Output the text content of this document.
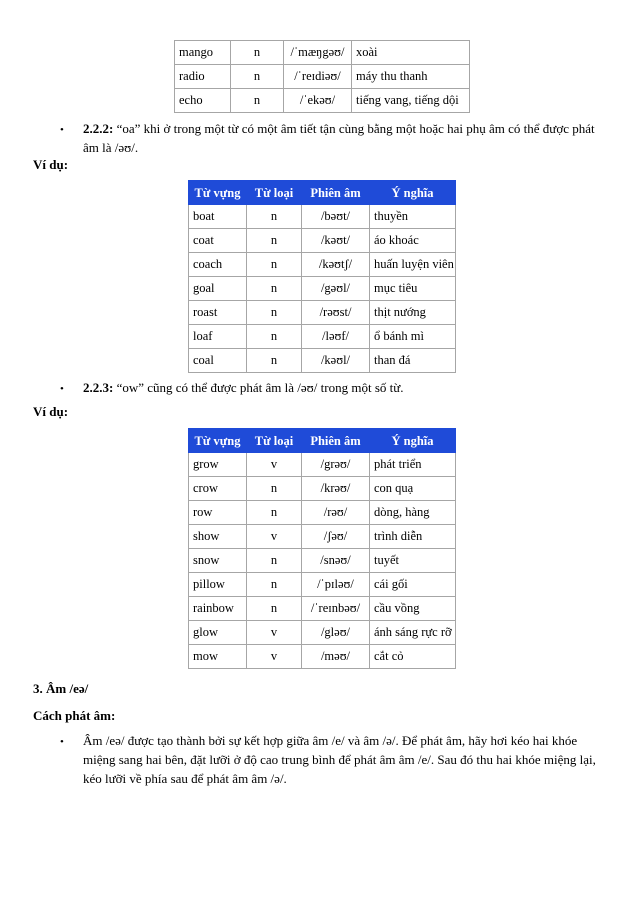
mango	n	/ˈmæŋgəʊ/	xoài
radio	n	/ˈreɪdiəʊ/	máy thu thanh
echo	n	/ˈekəʊ/	tiếng vang, tiếng dội
• 2.2.2: “oa” khi ở trong một từ có một âm tiết tận cùng bằng một hoặc hai phụ âm có thể được phát âm là /əʊ/.
Ví dụ:
Từ vựng	Từ loại	Phiên âm	Ý nghĩa
boat	n	/bəʊt/	thuyền
coat	n	/kəʊt/	áo khoác
coach	n	/kəʊtʃ/	huấn luyện viên
goal	n	/gəʊl/	mục tiêu
roast	n	/rəʊst/	thịt nướng
loaf	n	/ləʊf/	ổ bánh mì
coal	n	/kəʊl/	than đá
• 2.2.3: “ow” cũng có thể được phát âm là /əʊ/ trong một số từ.
Ví dụ:
Từ vựng	Từ loại	Phiên âm	Ý nghĩa
grow	v	/grəʊ/	phát triển
crow	n	/krəʊ/	con quạ
row	n	/rəʊ/	dòng, hàng
show	v	/ʃəʊ/	trình diễn
snow	n	/snəʊ/	tuyết
pillow	n	/ˈpɪləʊ/	cái gối
rainbow	n	/ˈreɪnbəʊ/	cầu vồng
glow	v	/gləʊ/	ánh sáng rực rỡ
mow	v	/məʊ/	cắt cỏ
3. Âm /eə/
Cách phát âm:
• Âm /eə/ được tạo thành bởi sự kết hợp giữa âm /e/ và âm /ə/. Để phát âm, hãy hơi kéo hai khóe miệng sang hai bên, đặt lưỡi ở độ cao trung bình để phát âm âm /e/. Sau đó thu hai khóe miệng lại, kéo lưỡi về phía sau để phát âm âm /ə/.
